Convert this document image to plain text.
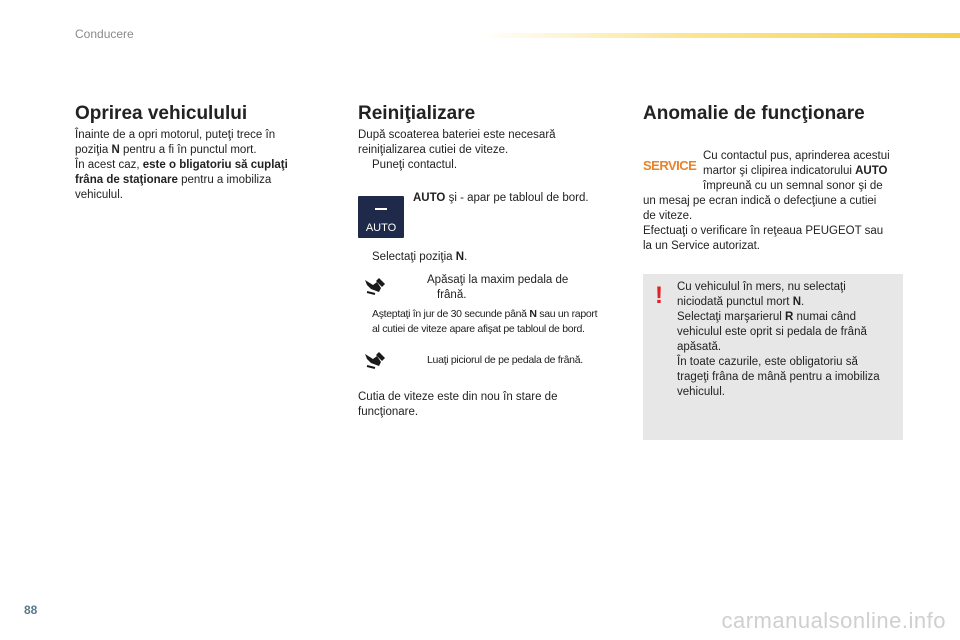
Conducere
Oprirea vehiculului

Înainte de a opri motorul, puteţi trece în

poziţia N pentru a fi în punctul mort.

În acest caz, este o bligatoriu să cuplaţi

frâna de staţionare pentru a imobiliza

vehiculul.

Reiniţializare

După scoaterea bateriei este necesară

reiniţializarea cutiei de viteze.

Puneţi contactul.

AUTO şi - apar pe tabloul de bord.

AUTO

Selectaţi poziţia N.

Apăsaţi la maxim pedala de

frână.

Aşteptaţi în jur de 30 secunde până N sau un raport

al cutiei de viteze apare afişat pe tabloul de bord.

Luaţi piciorul de pe pedala de frână.

Cutia de viteze este din nou în stare de

funcţionare.

Anomalie de funcţionare
SERVICE

Cu contactul pus, aprinderea acestui

martor şi clipirea indicatorului AUTO

împreună cu un semnal sonor şi de

un mesaj pe ecran indică o defecţiune a cutiei

de viteze.

Efectuaţi o verificare în reţeaua PEUGEOT sau

la un Service autorizat.

! Cu vehiculul în mers, nu selectaţi

niciodată punctul mort N.

Selectaţi marşarierul R numai când

vehiculul este oprit si pedala de frână

apăsată.

În toate cazurile, este obligatoriu să

trageţi frâna de mână pentru a imobiliza

vehiculul.

88	carmanualsonline.info
